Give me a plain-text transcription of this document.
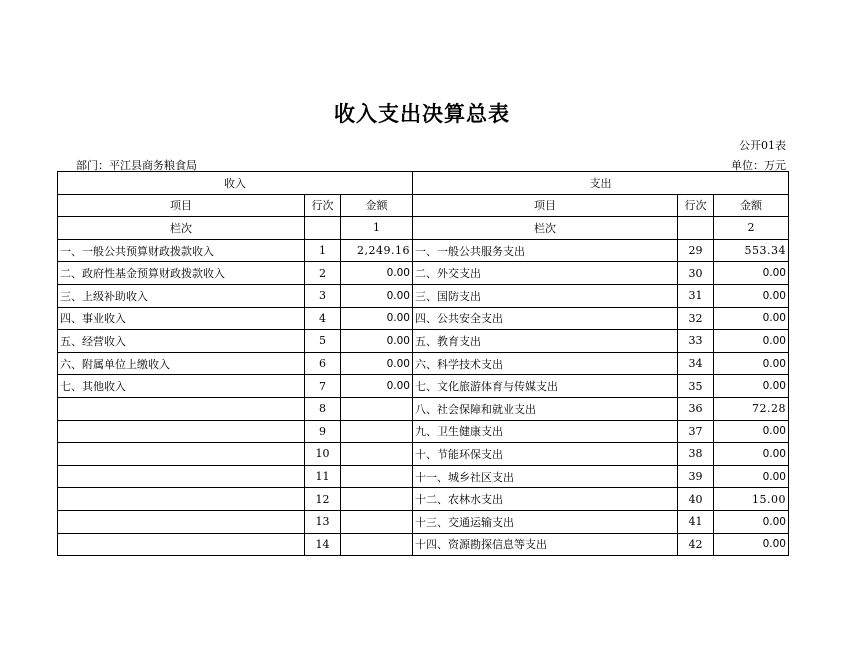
收入支出决算总表
公开01表
部门：平江县商务粮食局	单位：万元
收入			支出		
项目	行次	金额	项目	行次	金额
栏次		1	栏次		2
一、一般公共预算财政拨款收入	1	2,249.16	一、一般公共服务支出	29	553.34
二、政府性基金预算财政拨款收入	2	0.00	二、外交支出	30	0.00
三、上级补助收入	3	0.00	三、国防支出	31	0.00
四、事业收入	4	0.00	四、公共安全支出	32	0.00
五、经营收入	5	0.00	五、教育支出	33	0.00
六、附属单位上缴收入	6	0.00	六、科学技术支出	34	0.00
七、其他收入	7	0.00	七、文化旅游体育与传媒支出	35	0.00
	8		八、社会保障和就业支出	36	72.28
	9		九、卫生健康支出	37	0.00
	10		十、节能环保支出	38	0.00
	11		十一、城乡社区支出	39	0.00
	12		十二、农林水支出	40	15.00
	13		十三、交通运输支出	41	0.00
	14		十四、资源勘探信息等支出	42	0.00
